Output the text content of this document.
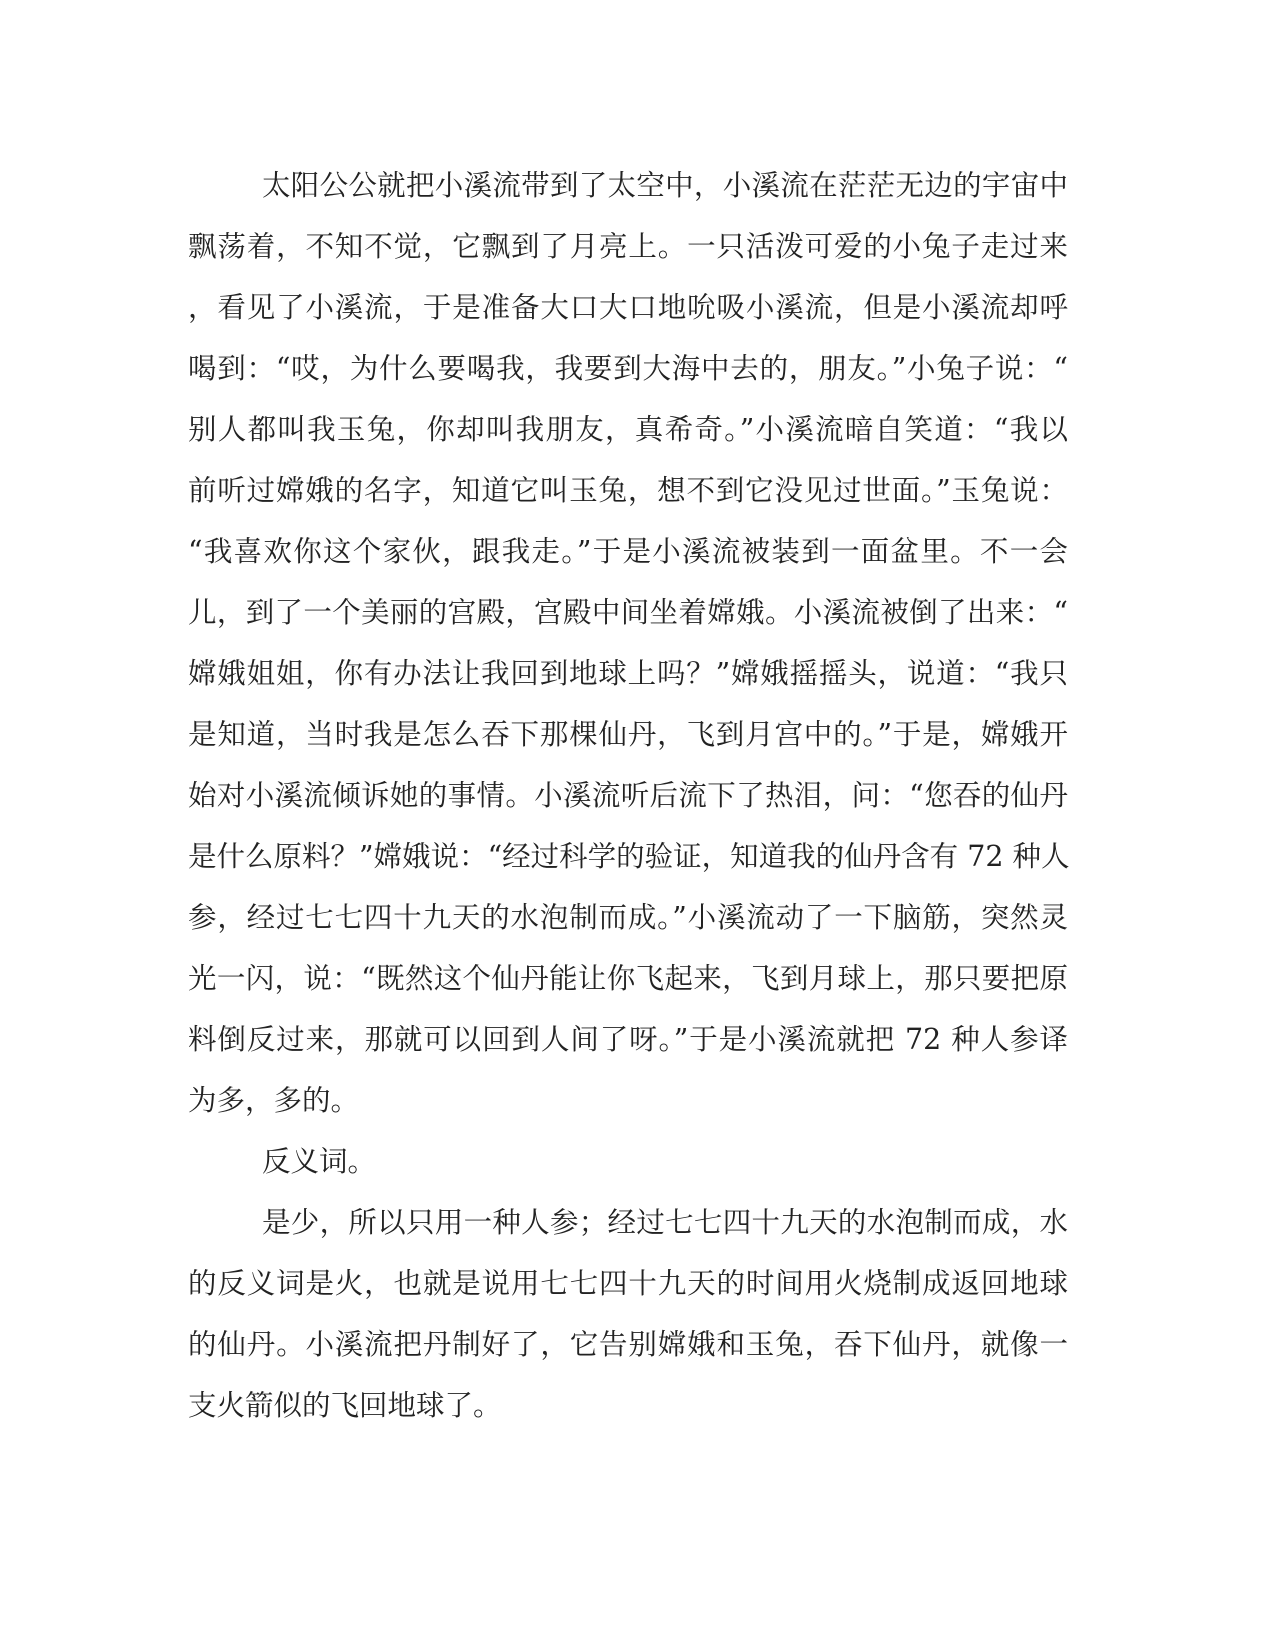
太阳公公就把小溪流带到了太空中，小溪流在茫茫无边的宇宙中
飘荡着，不知不觉，它飘到了月亮上。一只活泼可爱的小兔子走过来
，看见了小溪流，于是准备大口大口地吮吸小溪流，但是小溪流却呼
喝到：“哎，为什么要喝我，我要到大海中去的，朋友。”小兔子说：“
别人都叫我玉兔，你却叫我朋友，真希奇。”小溪流暗自笑道：“我以
前听过嫦娥的名字，知道它叫玉兔，想不到它没见过世面。”玉兔说：
“我喜欢你这个家伙，跟我走。”于是小溪流被装到一面盆里。不一会
儿，到了一个美丽的宫殿，宫殿中间坐着嫦娥。小溪流被倒了出来：“
嫦娥姐姐，你有办法让我回到地球上吗？”嫦娥摇摇头，说道：“我只
是知道，当时我是怎么吞下那棵仙丹，飞到月宫中的。”于是，嫦娥开
始对小溪流倾诉她的事情。小溪流听后流下了热泪，问：“您吞的仙丹
是什么原料？”嫦娥说：“经过科学的验证，知道我的仙丹含有 72 种人
参，经过七七四十九天的水泡制而成。”小溪流动了一下脑筋，突然灵
光一闪，说：“既然这个仙丹能让你飞起来，飞到月球上，那只要把原
料倒反过来，那就可以回到人间了呀。”于是小溪流就把 72 种人参译
为多，多的。
反义词。
是少，所以只用一种人参；经过七七四十九天的水泡制而成，水
的反义词是火，也就是说用七七四十九天的时间用火烧制成返回地球
的仙丹。小溪流把丹制好了，它告别嫦娥和玉兔，吞下仙丹，就像一
支火箭似的飞回地球了。
